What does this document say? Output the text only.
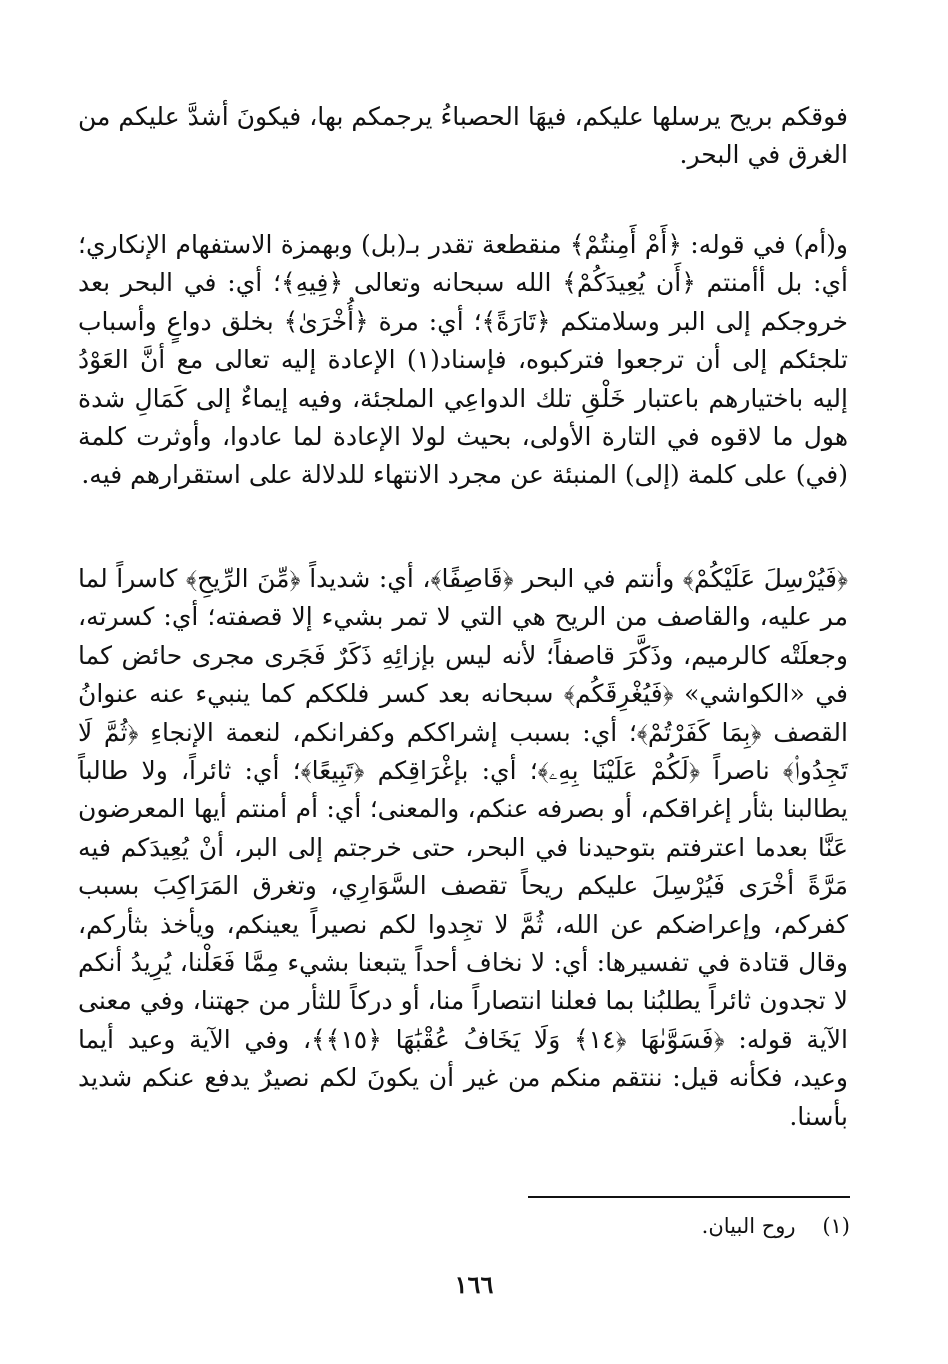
فوقكم بريح يرسلها عليكم، فيهَا الحصباءُ يرجمكم بها، فيكونَ أشدَّ عليكم من الغرق في البحر.

و(أم) في قوله: ﴿أَمْ أَمِنتُمْ﴾ منقطعة تقدر بـ(بل) وبهمزة الاستفهام الإنكاري؛ أي: بل أأمنتم ﴿أَن يُعِيدَكُمْ﴾ الله سبحانه وتعالى ﴿فِيهِ﴾؛ أي: في البحر بعد خروجكم إلى البر وسلامتكم ﴿تَارَةً﴾؛ أي: مرة ﴿أُخْرَىٰ﴾ بخلق دواعٍ وأسباب تلجئكم إلى أن ترجعوا فتركبوه، فإسناد(١) الإعادة إليه تعالى مع أنَّ العَوْدُ إليه باختيارهم باعتبار خَلْقِ تلك الدواعِي الملجئة، وفيه إيماءٌ إلى كَمَالِ شدة هول ما لاقوه في التارة الأولى، بحيث لولا الإعادة لما عادوا، وأوثرت كلمة (في) على كلمة (إلى) المنبئة عن مجرد الانتهاء للدلالة على استقرارهم فيه.

﴿فَيُرْسِلَ عَلَيْكُمْ﴾ وأنتم في البحر ﴿قَاصِفًا﴾، أي: شديداً ﴿مِّنَ الرِّيحِ﴾ كاسراً لما مر عليه، والقاصف من الريح هي التي لا تمر بشيء إلا قصفته؛ أي: كسرته، وجعلَتْه كالرميم، وذَكَّرَ قاصفاً؛ لأنه ليس بإزائِهِ ذَكَرٌ فَجَرى مجرى حائض كما في «الكواشي» ﴿فَيُغْرِقَكُم﴾ سبحانه بعد كسر فلككم كما ينبيء عنه عنوانُ القصف ﴿بِمَا كَفَرْتُمْ﴾؛ أي: بسبب إشراككم وكفرانكم، لنعمة الإنجاءِ ﴿ثُمَّ لَا تَجِدُوا۟﴾ ناصراً ﴿لَكُمْ عَلَيْنَا بِهِۦ﴾؛ أي: بإغْرَاقِكم ﴿تَبِيعًا﴾؛ أي: ثائراً، ولا طالباً يطالبنا بثأر إغراقكم، أو بصرفه عنكم، والمعنى؛ أي: أم أمنتم أيها المعرضون عَنَّا بعدما اعترفتم بتوحيدنا في البحر، حتى خرجتم إلى البر، أنْ يُعِيدَكم فيه مَرَّةً أخْرَى فَيُرْسِلَ عليكم ريحاً تقصف السَّوَارِي، وتغرق المَرَاكِبَ بسبب كفركم، وإعراضكم عن الله، ثُمَّ لا تجِدوا لكم نصيراً يعينكم، ويأخذ بثأركم، وقال قتادة في تفسيرها: أي: لا نخاف أحداً يتبعنا بشيء مِمَّا فَعَلْنا، يُرِيدُ أنكم لا تجدون ثائراً يطلبُنا بما فعلنا انتصاراً منا، أو دركاً للثأر من جهتنا، وفي معنى الآية قوله: ﴿فَسَوَّىٰهَا ﴿١٤﴾ وَلَا يَخَافُ عُقْبَٰهَا ﴿١٥﴾﴾، وفي الآية وعيد أيما وعيد، فكأنه قيل: ننتقم منكم من غير أن يكونَ لكم نصيرٌ يدفع عنكم شديد بأسنا.

(١)    روح البيان.
١٦٦
